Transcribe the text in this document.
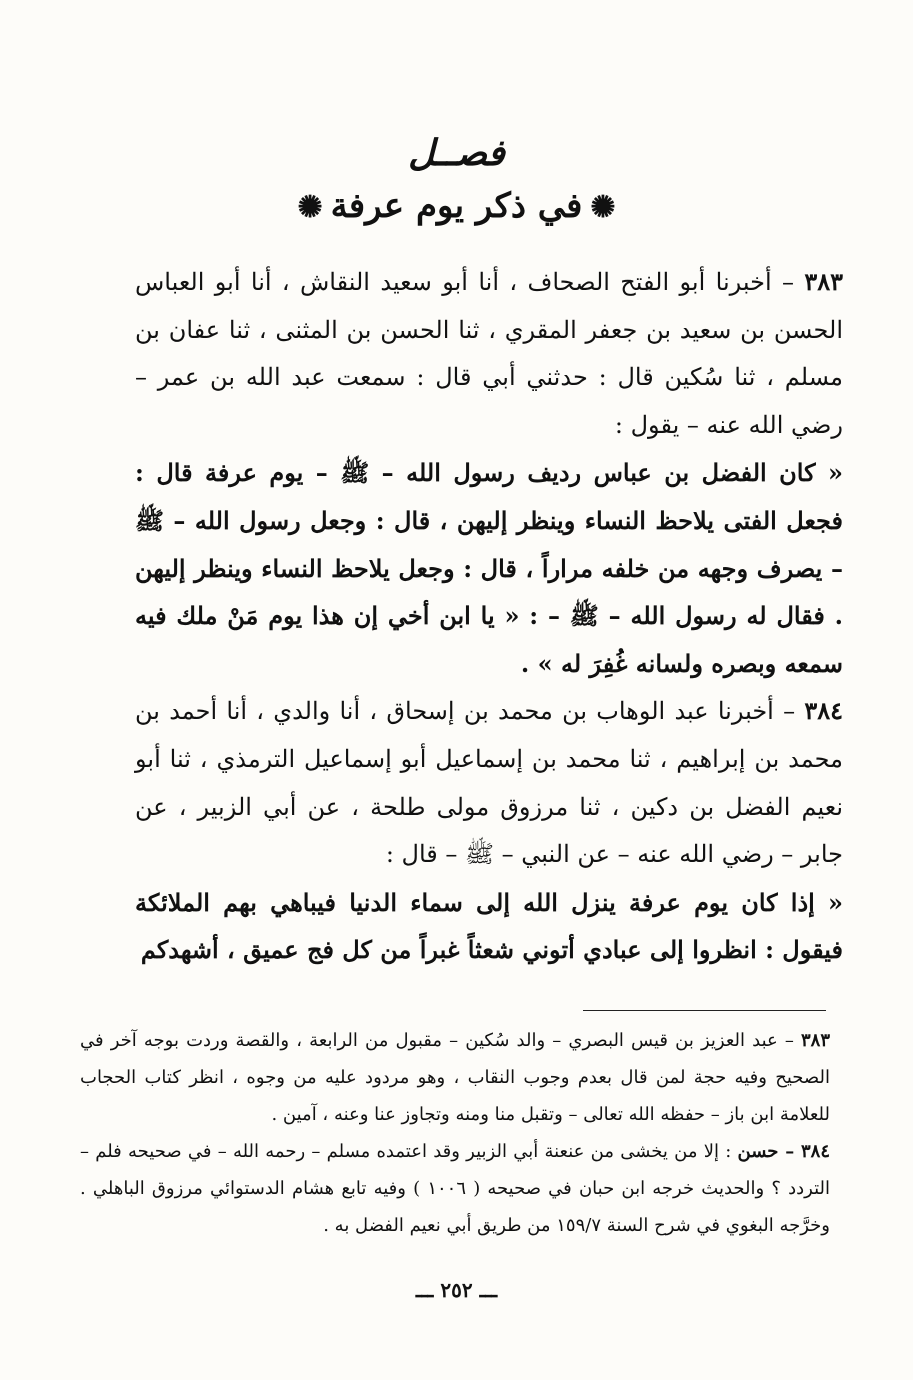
فصــل
✺في ذكر يوم عرفة✺

٣٨٣ – أخبرنا أبو الفتح الصحاف ، أنا أبو سعيد النقاش ، أنا أبو العباس الحسن بن سعيد بن جعفر المقري ، ثنا الحسن بن المثنى ، ثنا عفان بن مسلم ، ثنا سُكين قال : حدثني أبي قال : سمعت عبد الله بن عمر – رضي الله عنه – يقول :

« كان الفضل بن عباس رديف رسول الله – ﷺ – يوم عرفة قال : فجعل الفتى يلاحظ النساء وينظر إليهن ، قال : وجعل رسول الله – ﷺ – يصرف وجهه من خلفه مراراً ، قال : وجعل يلاحظ النساء وينظر إليهن . فقال له رسول الله – ﷺ – : « يا ابن أخي إن هذا يوم مَنْ ملك فيه سمعه وبصره ولسانه غُفِرَ له » .

٣٨٤ – أخبرنا عبد الوهاب بن محمد بن إسحاق ، أنا والدي ، أنا أحمد بن محمد بن إبراهيم ، ثنا محمد بن إسماعيل أبو إسماعيل الترمذي ، ثنا أبو نعيم الفضل بن دكين ، ثنا مرزوق مولى طلحة ، عن أبي الزبير ، عن جابر – رضي الله عنه – عن النبي – ﷺ – قال :

« إذا كان يوم عرفة ينزل الله إلى سماء الدنيا فيباهي بهم الملائكة فيقول : انظروا إلى عبادي أتوني شعثاً غبراً من كل فج عميق ، أشهدكم

٣٨٣ – عبد العزيز بن قيس البصري – والد سُكين – مقبول من الرابعة ، والقصة وردت بوجه آخر في الصحيح وفيه حجة لمن قال بعدم وجوب النقاب ، وهو مردود عليه من وجوه ، انظر كتاب الحجاب للعلامة ابن باز – حفظه الله تعالى – وتقبل منا ومنه وتجاوز عنا وعنه ، آمين .

٣٨٤ – حسن : إلا من يخشى من عنعنة أبي الزبير وقد اعتمده مسلم – رحمه الله – في صحيحه فلم – التردد ؟ والحديث خرجه ابن حبان في صحيحه ( ١٠٠٦ ) وفيه تابع هشام الدستوائي مرزوق الباهلي . وخرَّجه البغوي في شرح السنة ١٥٩/٧ من طريق أبي نعيم الفضل به .

ـــ ٢٥٢ ـــ
